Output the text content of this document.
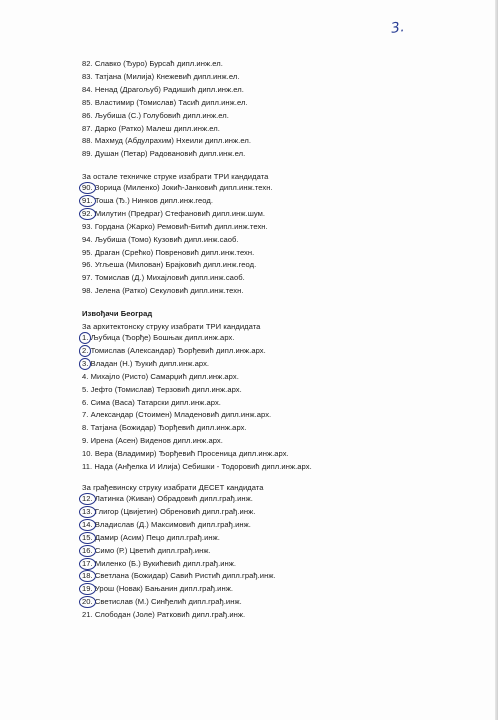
3.
82. Славко (Ђуро) Бурсаћ дипл.инж.ел.
83. Татјана (Милија) Кнежевић дипл.инж.ел.
84. Ненад (Драгољуб) Радишић дипл.инж.ел.
85. Властимир (Томислав) Тасић дипл.инж.ел.
86. Љубиша (С.) Голубовић дипл.инж.ел.
87. Дарко (Ратко) Малеш дипл.инж.ел.
88. Махмуд (Абдулрахим) Нхеили дипл.инж.ел.
89. Душан (Петар) Радовановић дипл.инж.ел.
За остале техничке струке изабрати ТРИ кандидата
90. Зорица (Миленко) Јокић-Јанковић дипл.инж.техн.
91. Тоша (Ђ.) Нинков дипл.инж.геод.
92. Милутин (Предраг) Стефановић дипл.инж.шум.
93. Гордана (Жарко) Ремовић-Битић дипл.инж.техн.
94. Љубиша (Томо) Кузовић дипл.инж.саоб.
95. Драган (Срећко) Повреновић дипл.инж.техн.
96. Угљеша (Милован) Брајковић дипл.инж.геод.
97. Томислав (Д.) Михајловић дипл.инж.саоб.
98. Јелена (Ратко) Секуловић дипл.инж.техн.
Извођачи Београд
За архитектонску струку изабрати ТРИ кандидата
1. Љубица (Ђорђе) Бошњак дипл.инж.арх.
2. Томислав (Александар) Ђорђевић дипл.инж.арх.
3. Владан (Н.) Ђукић дипл.инж.арх.
4. Михајло (Ристо) Самарџић дипл.инж.арх.
5. Јефто (Томислав) Терзовић дипл.инж.арх.
6. Сима (Васа) Татарски дипл.инж.арх.
7. Александар (Стоимен) Младеновић дипл.инж.арх.
8. Татјана (Божидар) Ђорђевић дипл.инж.арх.
9. Ирена (Асен) Виденов дипл.инж.арх.
10. Вера (Владимир) Ђорђевић Просеница дипл.инж.арх.
11. Нада (Анђелка И Илија) Себишки - Тодоровић дипл.инж.арх.
За грађевинску струку изабрати ДЕСЕТ кандидата
12. Латинка (Живан) Обрадовић дипл.грађ.инж.
13. Глигор (Цвијетин) Обреновић дипл.грађ.инж.
14. Владислав (Д.) Максимовић дипл.грађ.инж.
15. Дамир (Асим) Пецо дипл.грађ.инж.
16. Симо (Р.) Цветић дипл.грађ.инж.
17. Миленко (Б.) Вукићевић дипл.грађ.инж.
18. Светлана (Божидар) Савић Ристић дипл.грађ.инж.
19. Урош (Новак) Бањанин дипл.грађ.инж.
20. Светислав (М.) Синђелић дипл.грађ.инж.
21. Слободан (Јоле) Ратковић дипл.грађ.инж.
